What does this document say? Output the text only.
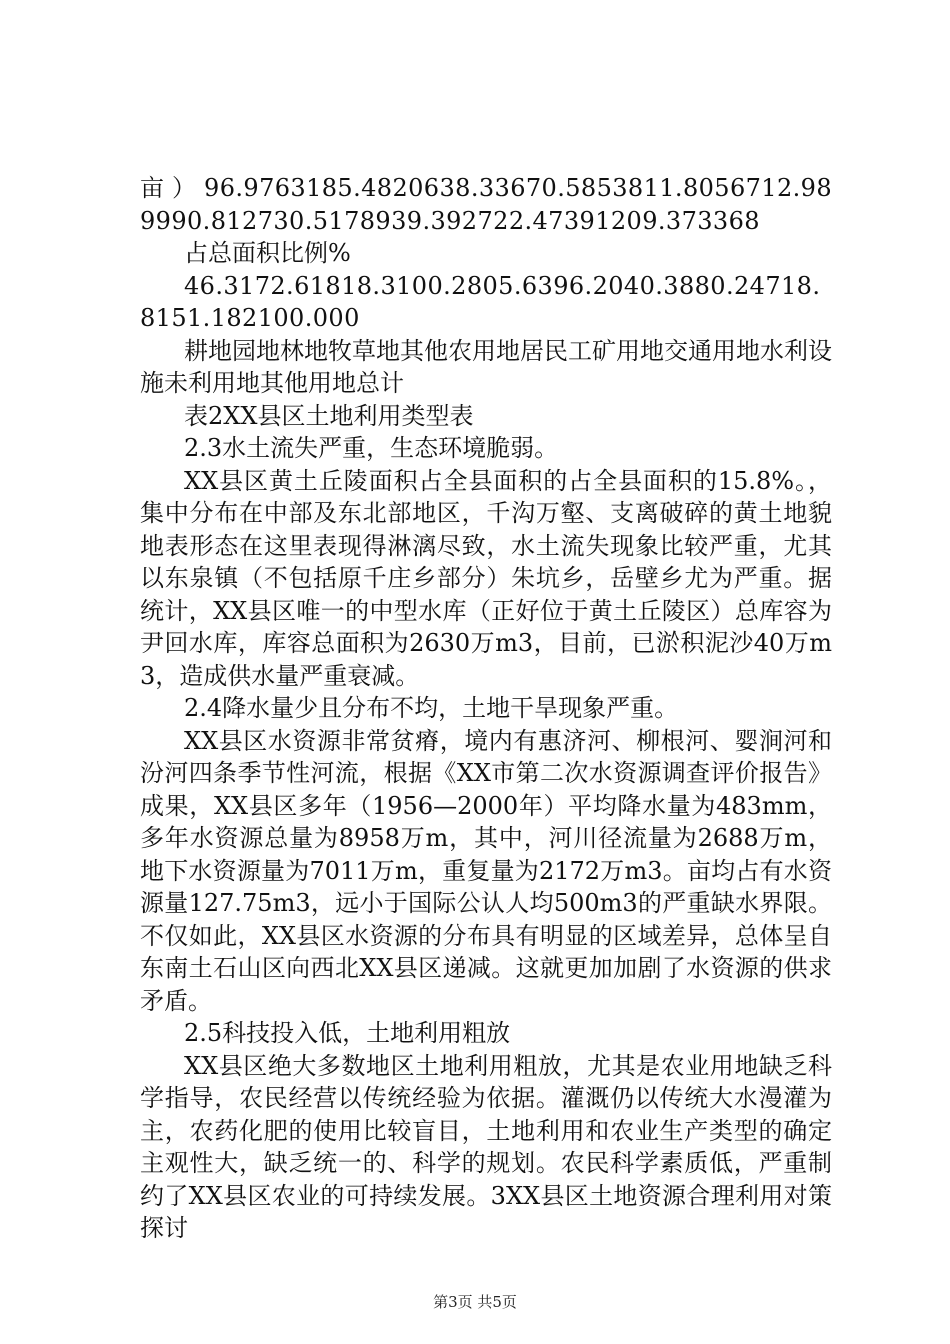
亩）96.9763185.4820638.33670.5853811.8056712.989990.812730.5178939.392722.47391209.373368

占总面积比例%

46.3172.61818.3100.2805.6396.2040.3880.24718.8151.182100.000

耕地园地林地牧草地其他农用地居民工矿用地交通用地水利设施未利用地其他用地总计

表2XX县区土地利用类型表

2.3水土流失严重，生态环境脆弱。

XX县区黄土丘陵面积占全县面积的占全县面积的15.8%。，集中分布在中部及东北部地区，千沟万壑、支离破碎的黄土地貌地表形态在这里表现得淋漓尽致，水土流失现象比较严重，尤其以东泉镇（不包括原千庄乡部分）朱坑乡，岳壁乡尤为严重。据统计，XX县区唯一的中型水库（正好位于黄土丘陵区）总库容为尹回水库，库容总面积为2630万m3，目前，已淤积泥沙40万m3，造成供水量严重衰减。

2.4降水量少且分布不均，土地干旱现象严重。

XX县区水资源非常贫瘠，境内有惠济河、柳根河、婴涧河和汾河四条季节性河流，根据《XX市第二次水资源调查评价报告》成果，XX县区多年（1956—2000年）平均降水量为483mm，多年水资源总量为8958万m，其中，河川径流量为2688万m，地下水资源量为7011万m，重复量为2172万m3。亩均占有水资源量127.75m3，远小于国际公认人均500m3的严重缺水界限。不仅如此，XX县区水资源的分布具有明显的区域差异，总体呈自东南土石山区向西北XX县区递减。这就更加加剧了水资源的供求矛盾。

2.5科技投入低，土地利用粗放

XX县区绝大多数地区土地利用粗放，尤其是农业用地缺乏科学指导，农民经营以传统经验为依据。灌溉仍以传统大水漫灌为主，农药化肥的使用比较盲目，土地利用和农业生产类型的确定主观性大，缺乏统一的、科学的规划。农民科学素质低，严重制约了XX县区农业的可持续发展。3XX县区土地资源合理利用对策探讨

第3页 共5页
